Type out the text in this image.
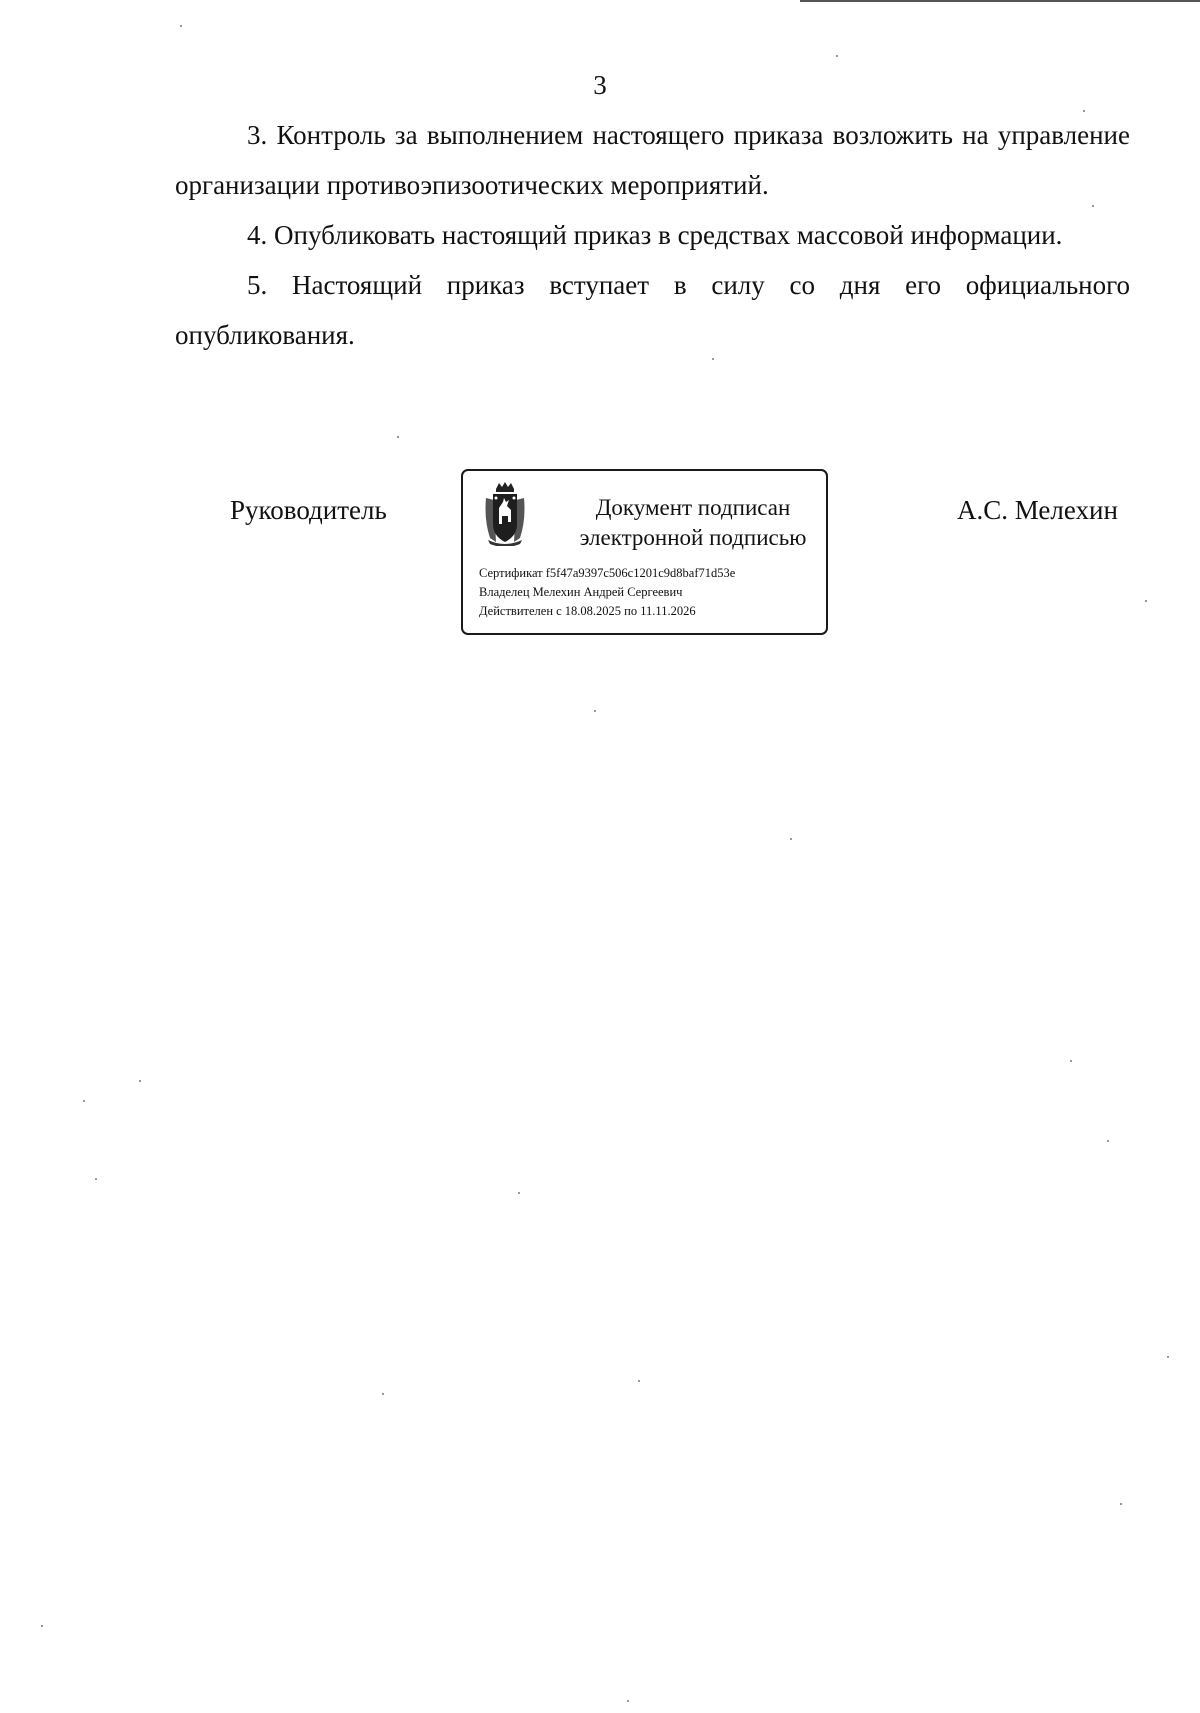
3

3. Контроль за выполнением настоящего приказа возложить на управление организации противоэпизоотических мероприятий.

4. Опубликовать настоящий приказ в средствах массовой информации.

5. Настоящий приказ вступает в силу со дня его официального опубликования.

Руководитель	Документ подписан
электронной подписью
Сертификат f5f47a9397c506c1201c9d8baf71d53e
Владелец Мелехин Андрей Сергеевич
Действителен с 18.08.2025 по 11.11.2026
А.С. Мелехин
